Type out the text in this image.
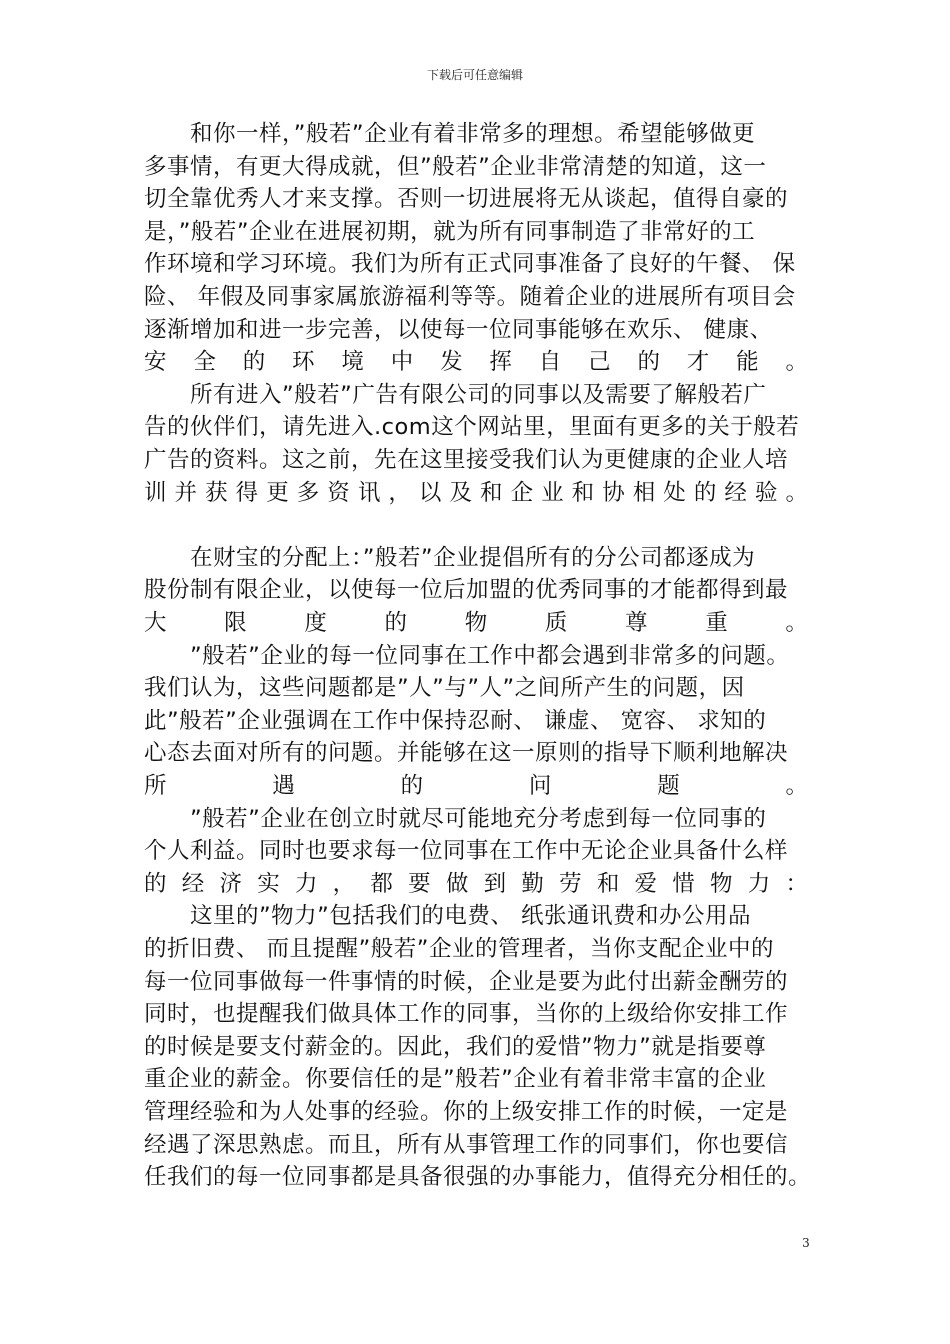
下载后可任意编辑
　　和你一样，”般若”企业有着非常多的理想。希望能够做更
多事情，有更大得成就，但”般若”企业非常清楚的知道，这一
切全靠优秀人才来支撑。否则一切进展将无从谈起，值得自豪的
是，”般若”企业在进展初期，就为所有同事制造了非常好的工
作环境和学习环境。我们为所有正式同事准备了良好的午餐、 保
险、 年假及同事家属旅游福利等等。随着企业的进展所有项目会
逐渐增加和进一步完善，以使每一位同事能够在欢乐、 健康、
安 全 的 环 境 中 发 挥 自 己 的 才 能 。
　　所有进入”般若”广告有限公司的同事以及需要了解般若广
告的伙伴们，请先进入.com这个网站里，里面有更多的关于般若
广告的资料。这之前，先在这里接受我们认为更健康的企业人培
训 并 获 得 更 多 资 讯 ， 以 及 和 企 业 和 协 相 处 的 经 验 。
　　在财宝的分配上：”般若”企业提倡所有的分公司都逐成为
股份制有限企业，以使每一位后加盟的优秀同事的才能都得到最
大	限	度	的	物	质	尊	重	。
　　”般若”企业的每一位同事在工作中都会遇到非常多的问题。
我们认为，这些问题都是”人”与”人”之间所产生的问题，因
此”般若”企业强调在工作中保持忍耐、 谦虚、 宽容、 求知的
心态去面对所有的问题。并能够在这一原则的指导下顺利地解决
所	遇	的	问	题	。
　　”般若”企业在创立时就尽可能地充分考虑到每一位同事的
个人利益。同时也要求每一位同事在工作中无论企业具备什么样
的 经 济 实 力 ， 都 要 做 到 勤 劳 和 爱 惜 物 力 ：
　　这里的”物力”包括我们的电费、 纸张通讯费和办公用品
的折旧费、 而且提醒”般若”企业的管理者，当你支配企业中的
每一位同事做每一件事情的时候，企业是要为此付出薪金酬劳的
同时，也提醒我们做具体工作的同事，当你的上级给你安排工作
的时候是要支付薪金的。因此，我们的爱惜”物力”就是指要尊
重企业的薪金。你要信任的是”般若”企业有着非常丰富的企业
管理经验和为人处事的经验。你的上级安排工作的时候，一定是
经遇了深思熟虑。而且，所有从事管理工作的同事们，你也要信
任我们的每一位同事都是具备很强的办事能力，值得充分相任的。
3
